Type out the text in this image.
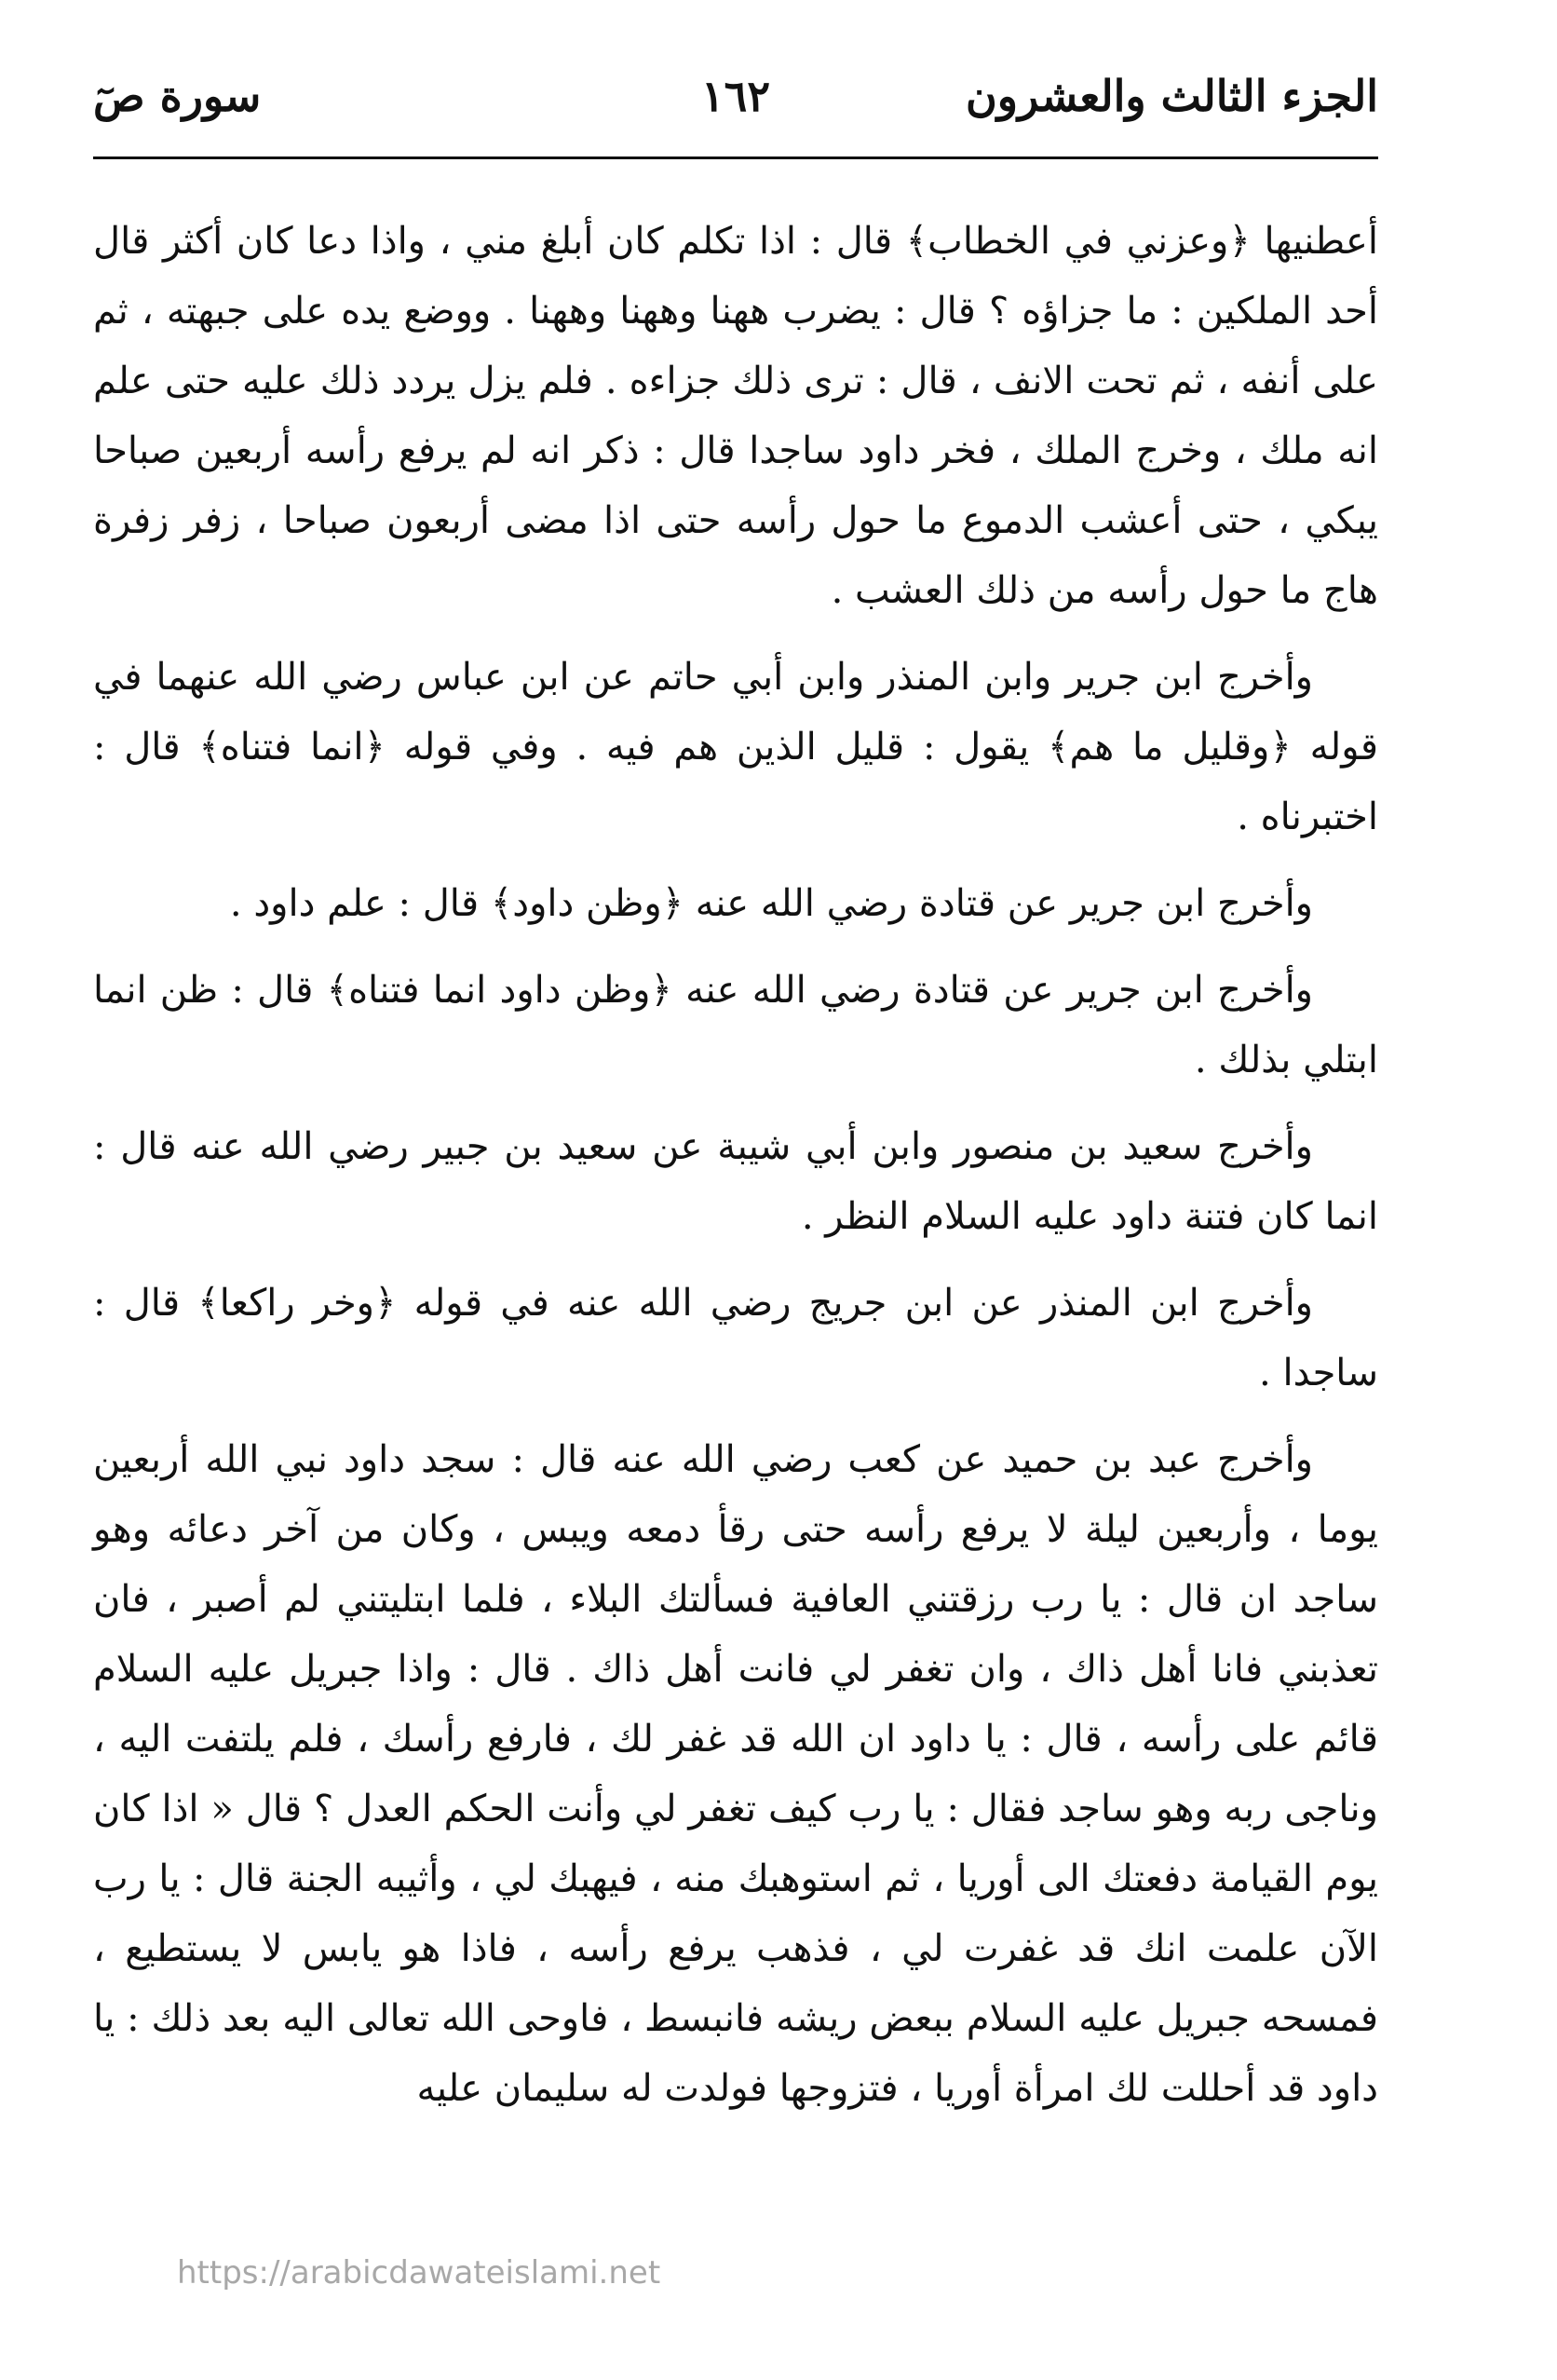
الجزء الثالث والعشرون
١٦٢
سورة صٓ

أعطنيها ﴿وعزني في الخطاب﴾ قال : اذا تكلم كان أبلغ مني ، واذا دعا كان أكثر قال أحد الملكين : ما جزاؤه ؟ قال : يضرب ههنا وههنا وههنا . ووضع يده على جبهته ، ثم على أنفه ، ثم تحت الانف ، قال : ترى ذلك جزاءه . فلم يزل يردد ذلك عليه حتى علم انه ملك ، وخرج الملك ، فخر داود ساجدا قال : ذكر انه لم يرفع رأسه أربعين صباحا يبكي ، حتى أعشب الدموع ما حول رأسه حتى اذا مضى أربعون صباحا ، زفر زفرة هاج ما حول رأسه من ذلك العشب .

وأخرج ابن جرير وابن المنذر وابن أبي حاتم عن ابن عباس رضي الله عنهما في قوله ﴿وقليل ما هم﴾ يقول : قليل الذين هم فيه . وفي قوله ﴿انما فتناه﴾ قال : اختبرناه .

وأخرج ابن جرير عن قتادة رضي الله عنه ﴿وظن داود﴾ قال : علم داود .

وأخرج ابن جرير عن قتادة رضي الله عنه ﴿وظن داود انما فتناه﴾ قال : ظن انما ابتلي بذلك .

وأخرج سعيد بن منصور وابن أبي شيبة عن سعيد بن جبير رضي الله عنه قال : انما كان فتنة داود عليه السلام النظر .

وأخرج ابن المنذر عن ابن جريج رضي الله عنه في قوله ﴿وخر راكعا﴾ قال : ساجدا .

وأخرج عبد بن حميد عن كعب رضي الله عنه قال : سجد داود نبي الله أربعين يوما ، وأربعين ليلة لا يرفع رأسه حتى رقأ دمعه ويبس ، وكان من آخر دعائه وهو ساجد ان قال : يا رب رزقتني العافية فسألتك البلاء ، فلما ابتليتني لم أصبر ، فان تعذبني فانا أهل ذاك ، وان تغفر لي فانت أهل ذاك . قال : واذا جبريل عليه السلام قائم على رأسه ، قال : يا داود ان الله قد غفر لك ، فارفع رأسك ، فلم يلتفت اليه ، وناجى ربه وهو ساجد فقال : يا رب كيف تغفر لي وأنت الحكم العدل ؟ قال « اذا كان يوم القيامة دفعتك الى أوريا ، ثم استوهبك منه ، فيهبك لي ، وأثيبه الجنة قال : يا رب الآن علمت انك قد غفرت لي ، فذهب يرفع رأسه ، فاذا هو يابس لا يستطيع ، فمسحه جبريل عليه السلام ببعض ريشه فانبسط ، فاوحى الله تعالى اليه بعد ذلك : يا داود قد أحللت لك امرأة أوريا ، فتزوجها فولدت له سليمان عليه

https://arabicdawateislami.net
